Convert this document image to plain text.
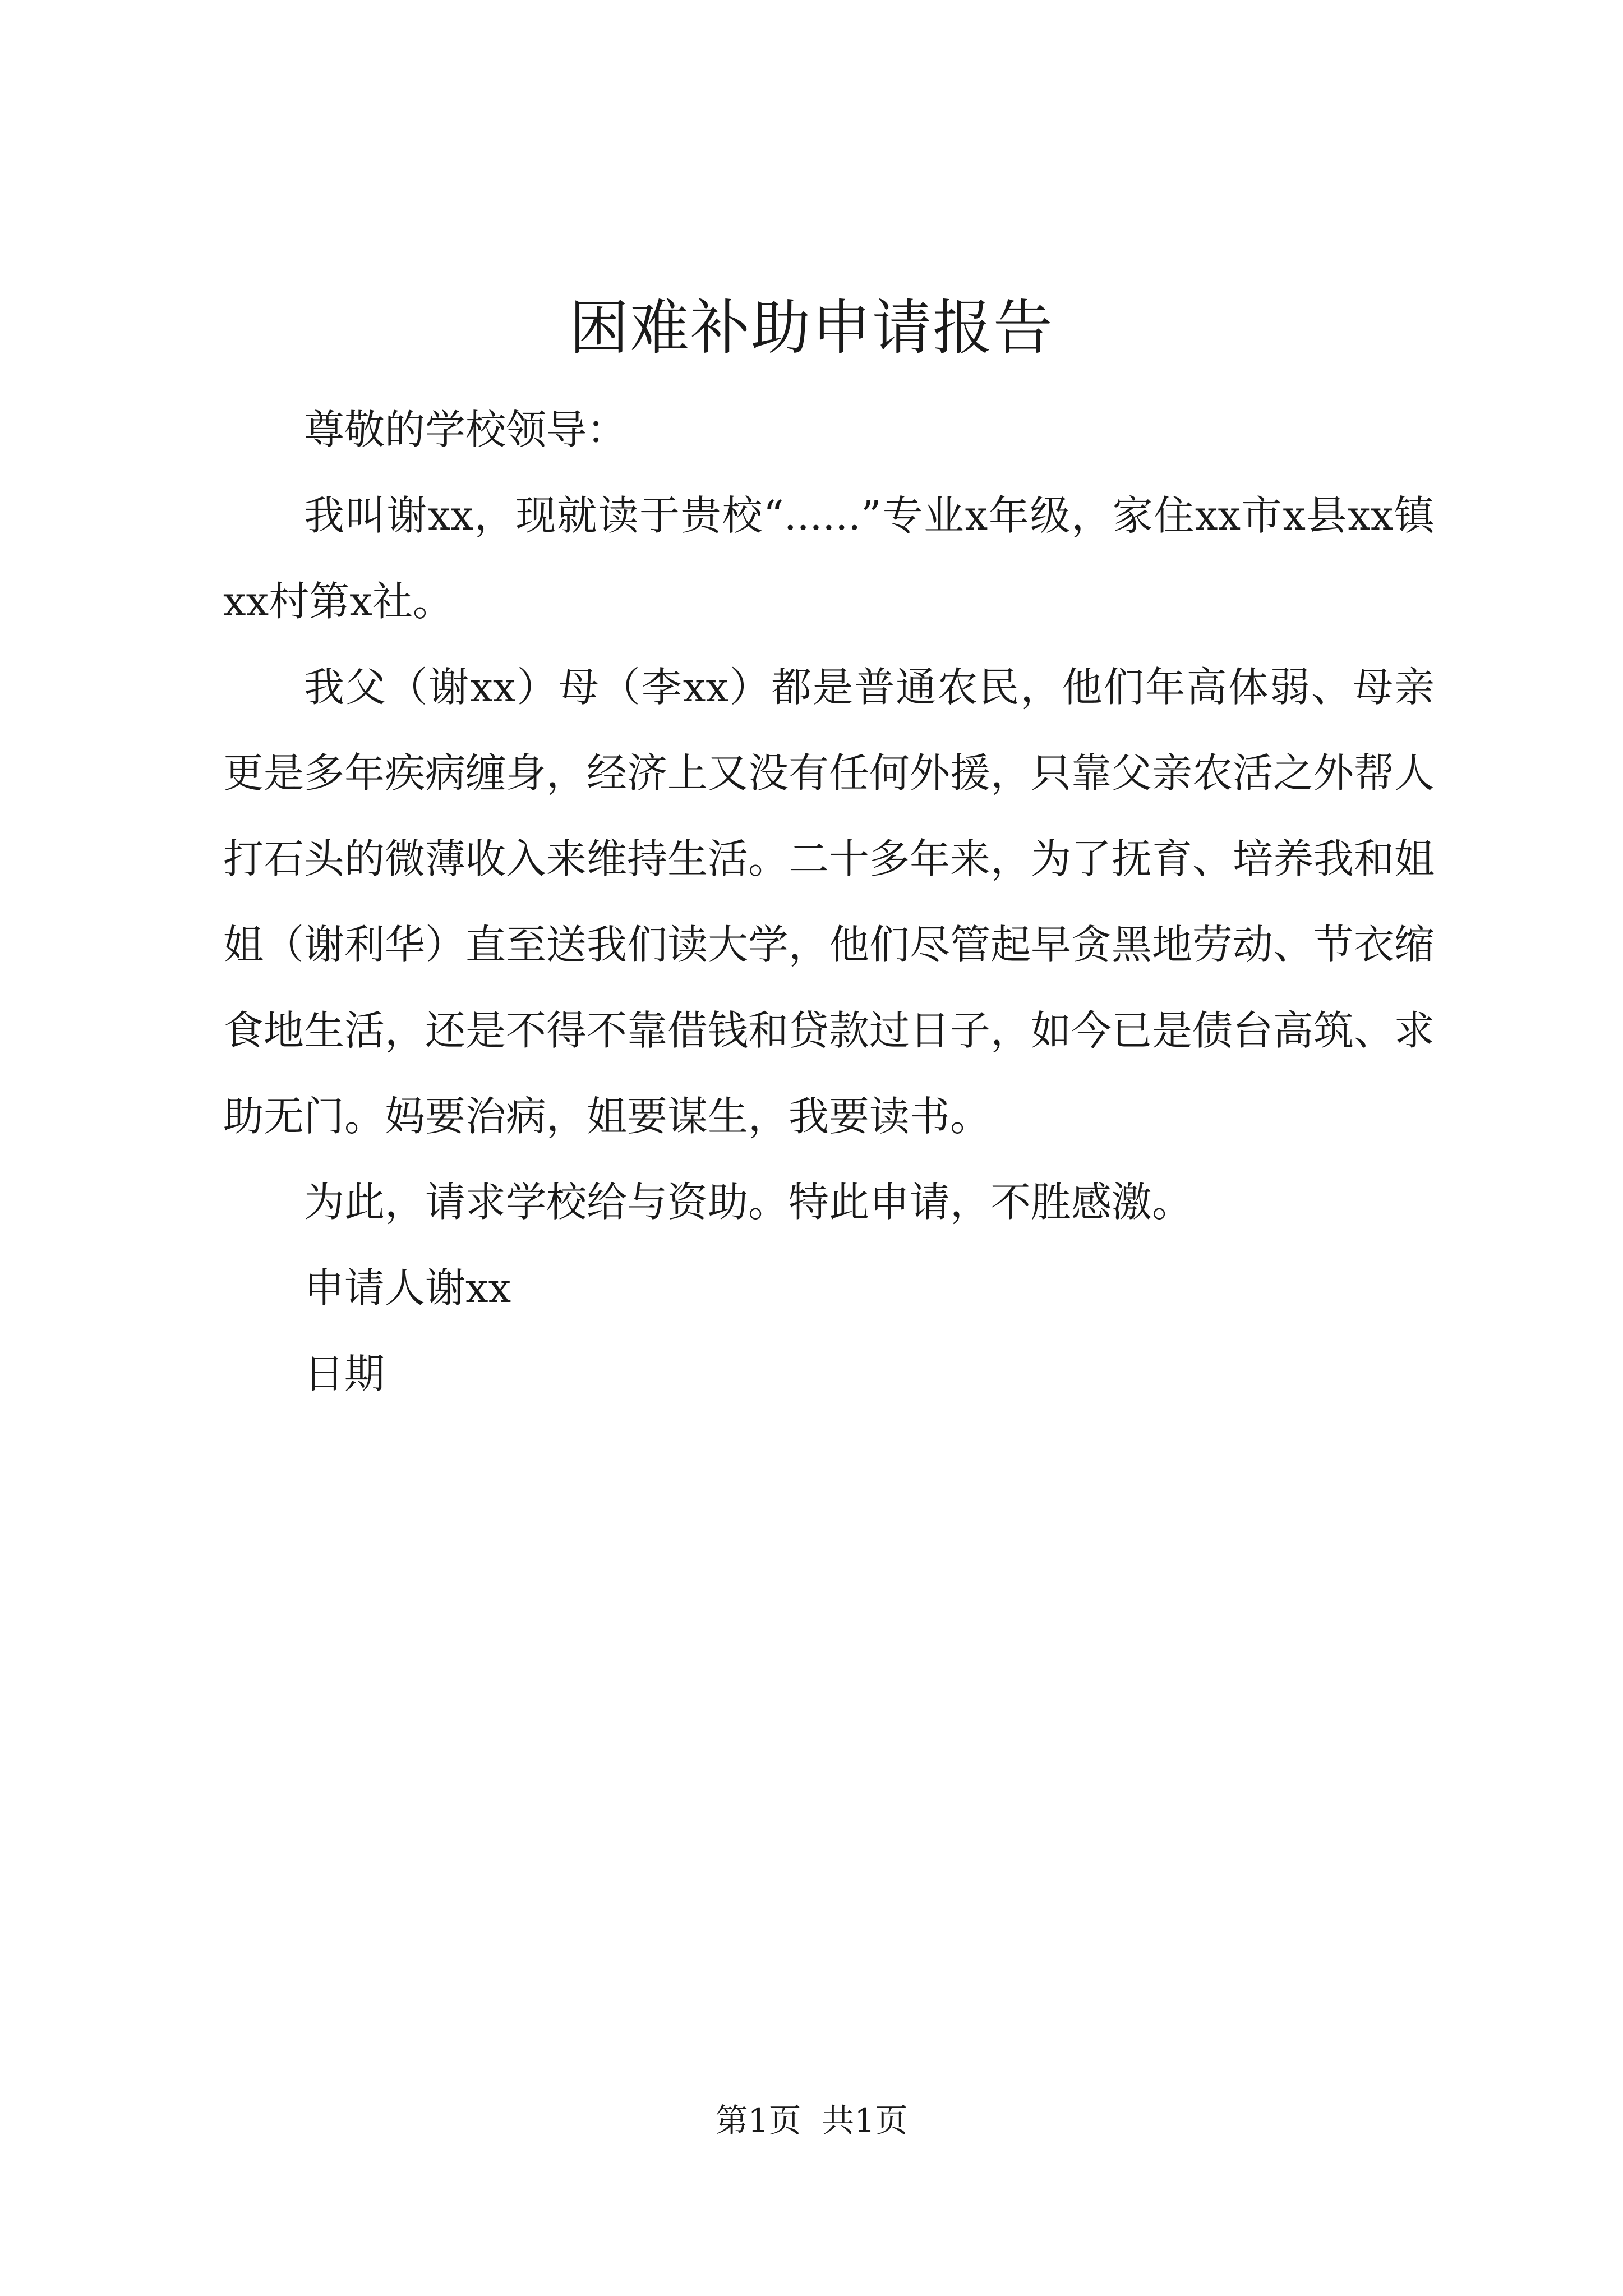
困难补助申请报告

尊敬的学校领导：

我叫谢xx，现就读于贵校“......”专业x年级，家住xx市x县xx镇xx村第x社。

我父（谢xx）母（李xx）都是普通农民，他们年高体弱、母亲更是多年疾病缠身，经济上又没有任何外援，只靠父亲农活之外帮人打石头的微薄收入来维持生活。二十多年来，为了抚育、培养我和姐姐（谢利华）直至送我们读大学，他们尽管起早贪黑地劳动、节衣缩食地生活，还是不得不靠借钱和贷款过日子，如今已是债台高筑、求助无门。妈要治病，姐要谋生，我要读书。

为此，请求学校给与资助。特此申请，不胜感激。

申请人谢xx

日期

第1页  共1页
